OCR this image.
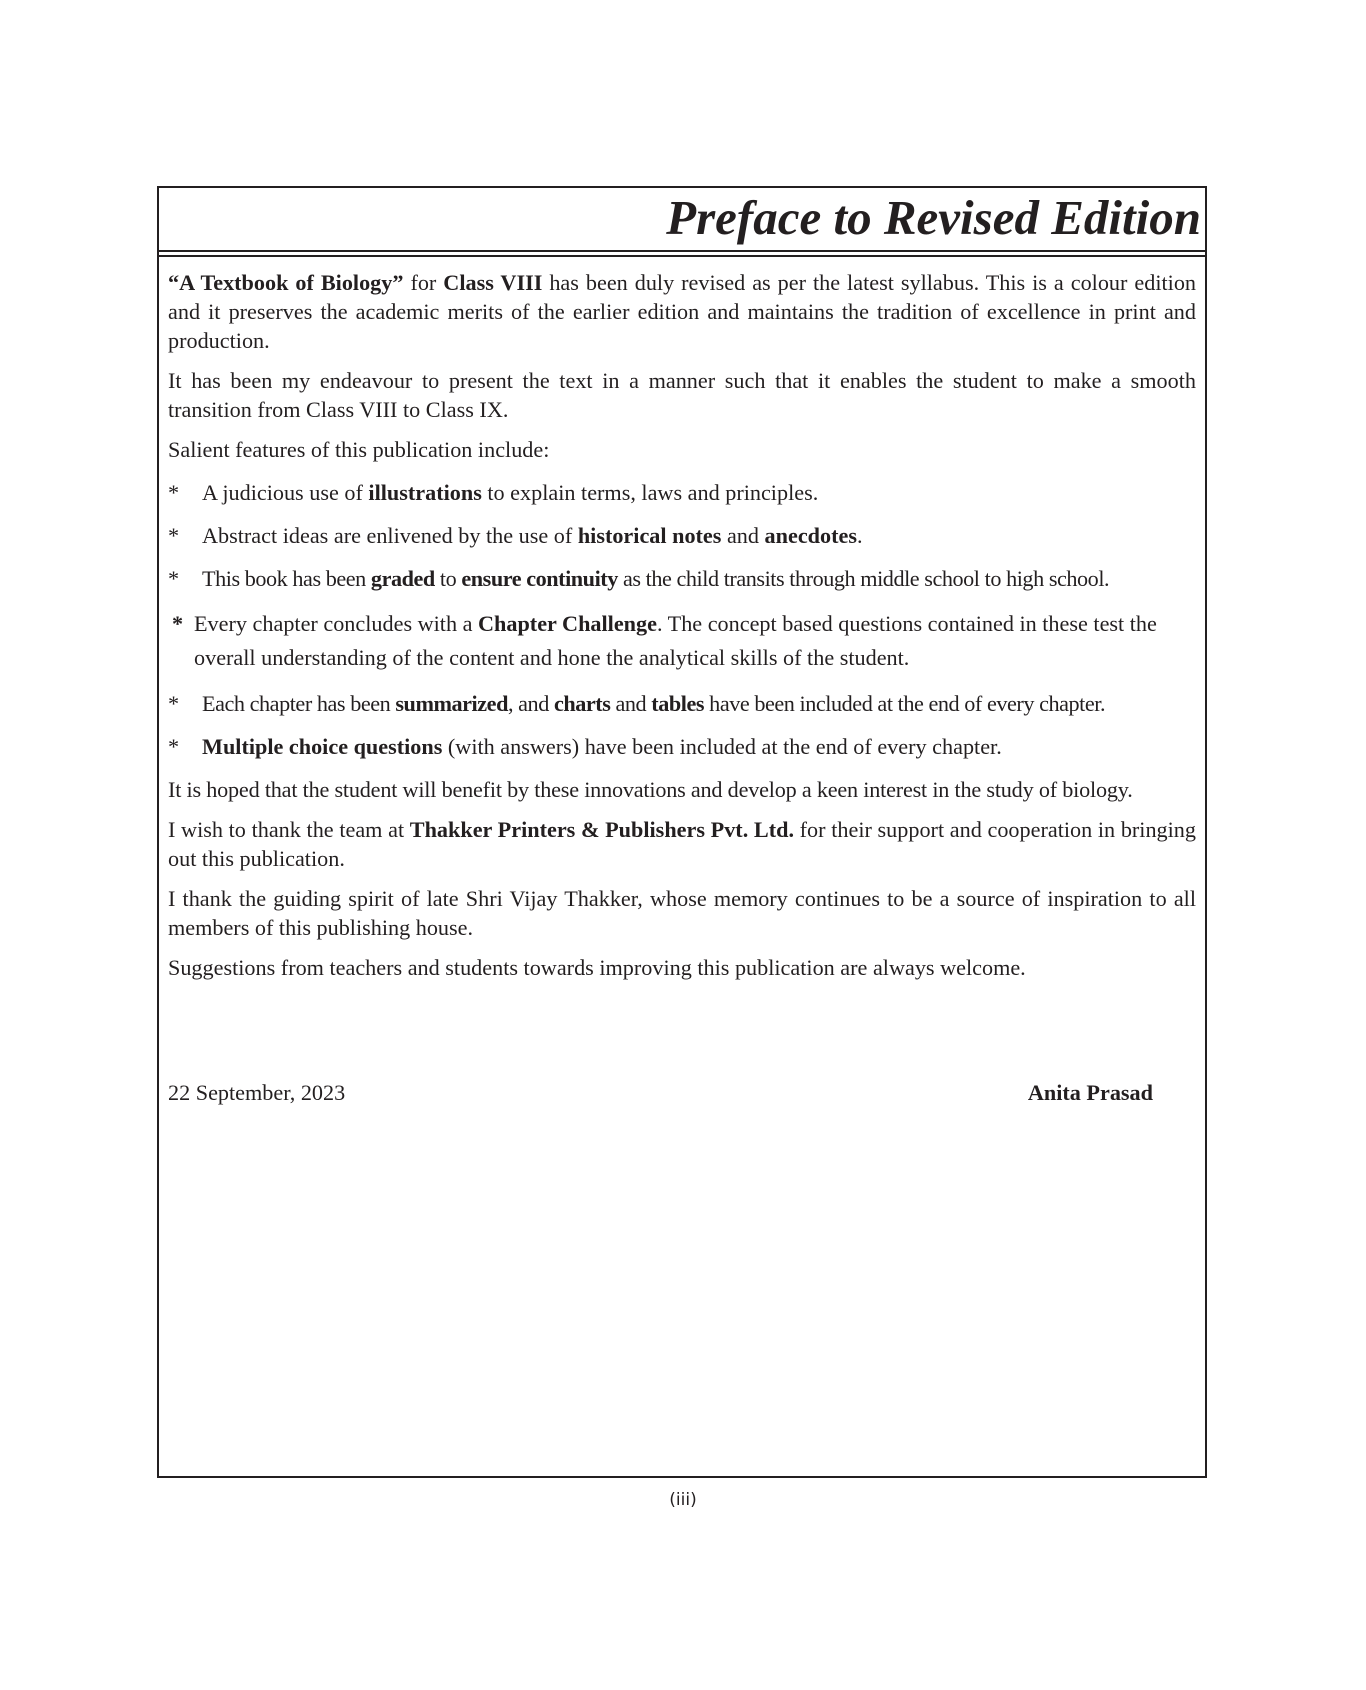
Preface to Revised Edition

“A Textbook of Biology” for Class VIII has been duly revised as per the latest syllabus. This is a colour edition and it preserves the academic merits of the earlier edition and maintains the tradition of excellence in print and production.

It has been my endeavour to present the text in a manner such that it enables the student to make a smooth transition from Class VIII to Class IX.

Salient features of this publication include:

*	A judicious use of illustrations to explain terms, laws and principles.
*	Abstract ideas are enlivened by the use of historical notes and anecdotes.
*	This book has been graded to ensure continuity as the child transits through middle school to high school.
* Every chapter concludes with a Chapter Challenge. The concept based questions contained in these test the overall understanding of the content and hone the analytical skills of the student.
*	Each chapter has been summarized, and charts and tables have been included at the end of every chapter.
*	Multiple choice questions (with answers) have been included at the end of every chapter.

It is hoped that the student will benefit by these innovations and develop a keen interest in the study of biology.

I wish to thank the team at Thakker Printers & Publishers Pvt. Ltd. for their support and cooperation in bringing out this publication.

I thank the guiding spirit of late Shri Vijay Thakker, whose memory continues to be a source of inspiration to all members of this publishing house.

Suggestions from teachers and students towards improving this publication are always welcome.

22 September, 2023	Anita Prasad
(iii)
